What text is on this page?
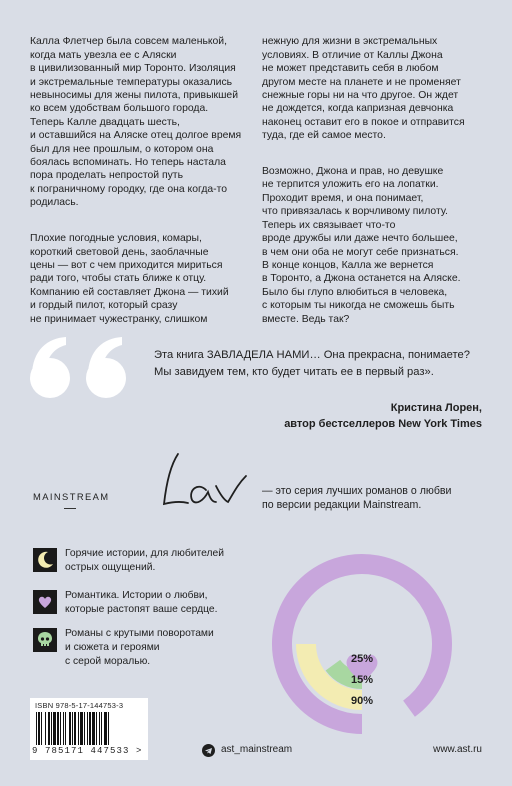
Калла Флетчер была совсем маленькой,
когда мать увезла ее с Аляски
в цивилизованный мир Торонто. Изоляция
и экстремальные температуры оказались
невыносимы для жены пилота, привыкшей
ко всем удобствам большого города.
Теперь Калле двадцать шесть,
и оставшийся на Аляске отец долгое время
был для нее прошлым, о котором она
боялась вспоминать. Но теперь настала
пора проделать непростой путь
к пограничному городку, где она когда-то
родилась.

Плохие погодные условия, комары,
короткий световой день, заоблачные
цены — вот с чем приходится мириться
ради того, чтобы стать ближе к отцу.
Компанию ей составляет Джона — тихий
и гордый пилот, который сразу
не принимает чужестранку, слишком

нежную для жизни в экстремальных
условиях. В отличие от Каллы Джона
не может представить себя в любом
другом месте на планете и не променяет
снежные горы ни на что другое. Он ждет
не дождется, когда капризная девчонка
наконец оставит его в покое и отправится
туда, где ей самое место.

Возможно, Джона и прав, но девушке
не терпится уложить его на лопатки.
Проходит время, и она понимает,
что привязалась к ворчливому пилоту.
Теперь их связывает что-то
вроде дружбы или даже нечто большее,
в чем они оба не могут себе признаться.
В конце концов, Калла же вернется
в Торонто, а Джона останется на Аляске.
Было бы глупо влюбиться в человека,
с которым ты никогда не сможешь быть
вместе. Ведь так?

Эта книга ЗАВЛАДЕЛА НАМИ… Она прекрасна, понимаете?
Мы завидуем тем, кто будет читать ее в первый раз».
Кристина Лорен,
автор бестселлеров New York Times
MAINSTREAM	— это серия лучших романов о любви
по версии редакции Mainstream.
Горячие истории, для любителей
острых ощущений.
Романтика. Истории о любви,
которые растопят ваше сердце.
Романы с крутыми поворотами
и сюжета и героями
с серой моралью.	25%
15%
90%
ISBN 978-5-17-144753-3
9 785171 447533 >	ast_mainstream	www.ast.ru
